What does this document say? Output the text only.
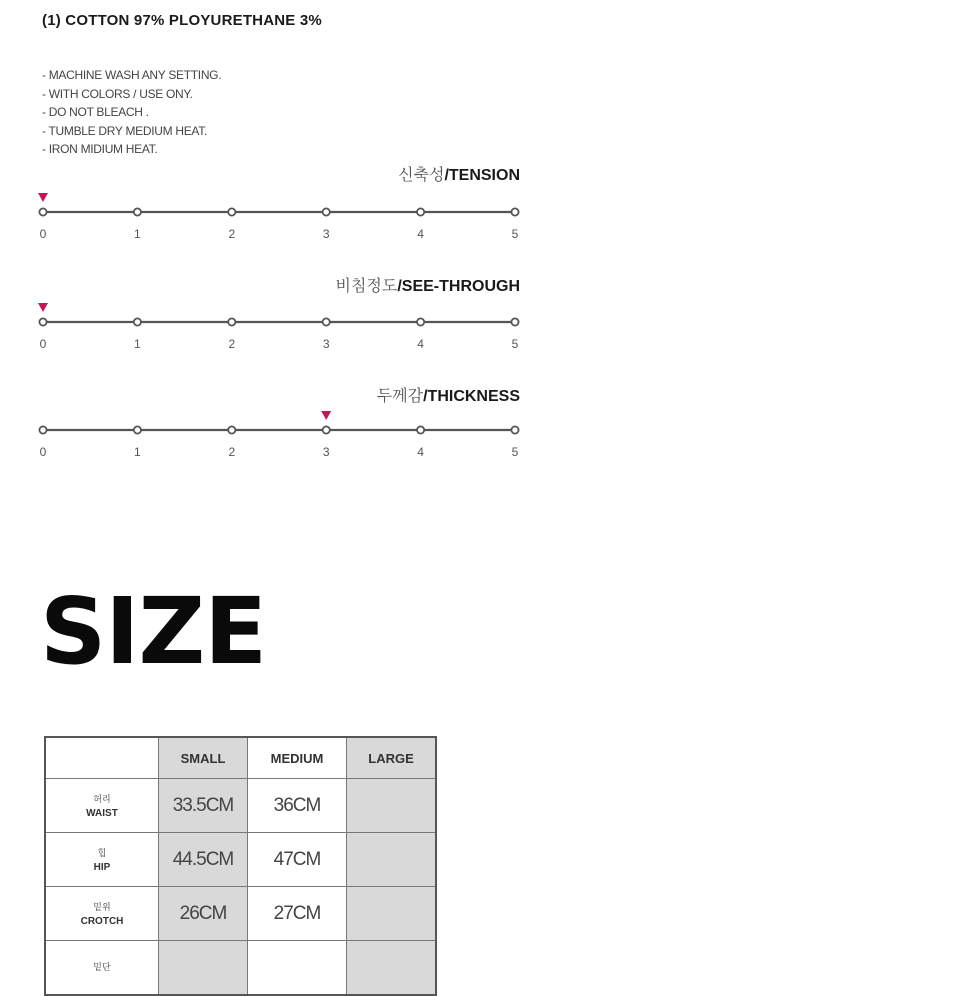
(1) COTTON 97% PLOYURETHANE 3%
- MACHINE WASH ANY SETTING.
- WITH COLORS / USE ONY.
- DO NOT BLEACH .
- TUMBLE DRY MEDIUM HEAT.
- IRON MIDIUM HEAT.
신축성/TENSION
0	1	2	3	4	5
비침정도/SEE-THROUGH
0	1	2	3	4	5
두께감/THICKNESS
0	1	2	3	4	5
SIZE
	SMALL	MEDIUM	LARGE

허리
WAIST	33.5CM	36CM	

힙
HIP	44.5CM	47CM	

밑위
CROTCH	26CM	27CM	

밑단			
